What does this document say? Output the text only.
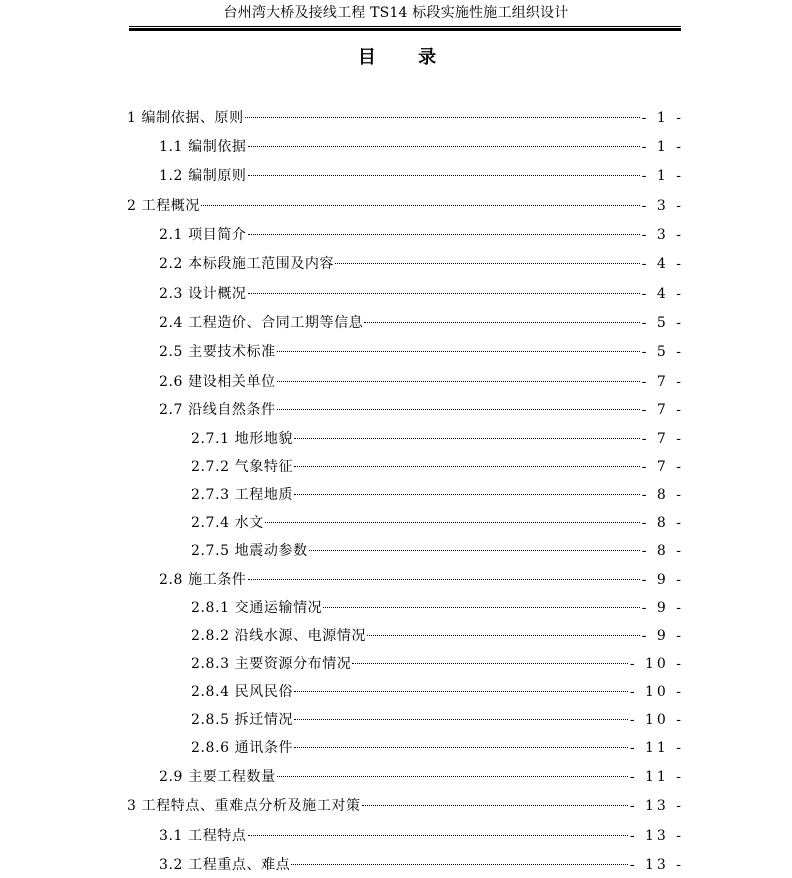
台州湾大桥及接线工程 TS14 标段实施性施工组织设计
目 录
1 编制依据、原则	- 1 -
1.1 编制依据	- 1 -
1.2 编制原则	- 1 -
2 工程概况	- 3 -
2.1 项目简介	- 3 -
2.2 本标段施工范围及内容	- 4 -
2.3 设计概况	- 4 -
2.4 工程造价、合同工期等信息	- 5 -
2.5 主要技术标准	- 5 -
2.6 建设相关单位	- 7 -
2.7 沿线自然条件	- 7 -
2.7.1 地形地貌	- 7 -
2.7.2 气象特征	- 7 -
2.7.3 工程地质	- 8 -
2.7.4 水文	- 8 -
2.7.5 地震动参数	- 8 -
2.8 施工条件	- 9 -
2.8.1 交通运输情况	- 9 -
2.8.2 沿线水源、电源情况	- 9 -
2.8.3 主要资源分布情况	- 10 -
2.8.4 民风民俗	- 10 -
2.8.5 拆迁情况	- 10 -
2.8.6 通讯条件	- 11 -
2.9 主要工程数量	- 11 -
3 工程特点、重难点分析及施工对策	- 13 -
3.1 工程特点	- 13 -
3.2 工程重点、难点	- 13 -
